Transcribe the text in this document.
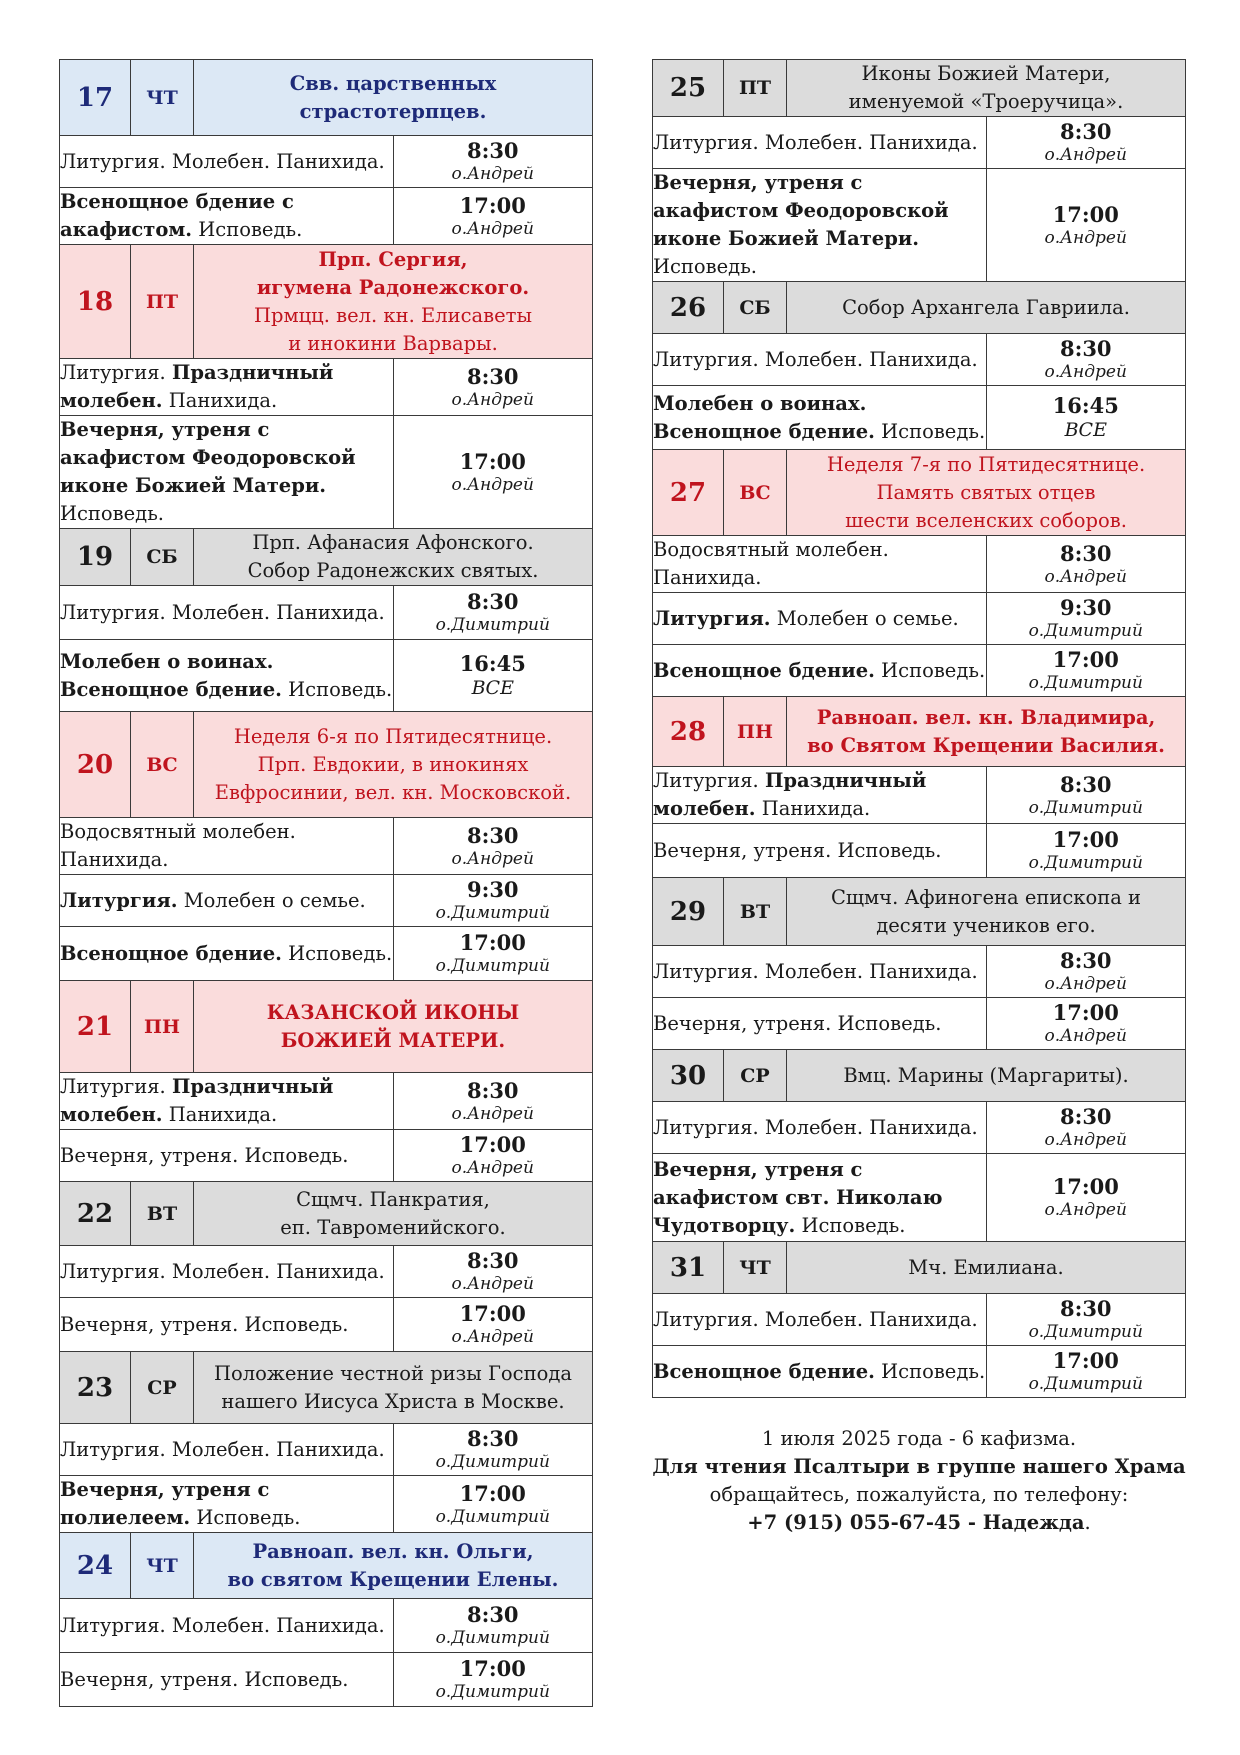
17	ЧТ	Свв. царственных
страстотерпцев.	

Литургия. Молебен. Панихида.			8:30
о.Андрей

Всенощное бдение с акафистом. Исповедь.			17:00
о.Андрей

18	ПТ	Прп. Сергия,
игумена Радонежского.
Прмцц. вел. кн. Елисаветы
и инокини Варвары.	

Литургия. Праздничный молебен. Панихида.			8:30
о.Андрей

Вечерня, утреня с акафистом Феодоровской иконе Божией Матери. Исповедь.			17:00
о.Андрей

19	СБ	Прп. Афанасия Афонского.
Собор Радонежских святых.	

Литургия. Молебен. Панихида.			8:30
о.Димитрий

Молебен о воинах.
Всенощное бдение. Исповедь.			16:45
ВСЕ

20	ВС	Неделя 6-я по Пятидесятнице.
Прп. Евдокии, в инокинях
Евфросинии, вел. кн. Московской.	

Водосвятный молебен. Панихида.			8:30
о.Андрей

Литургия. Молебен о семье.			9:30
о.Димитрий

Всенощное бдение. Исповедь.			17:00
о.Димитрий

21	ПН	КАЗАНСКОЙ ИКОНЫ
БОЖИЕЙ МАТЕРИ.	

Литургия. Праздничный молебен. Панихида.			8:30
о.Андрей

Вечерня, утреня. Исповедь.			17:00
о.Андрей

22	ВТ	Сщмч. Панкратия,
еп. Тавроменийского.	

Литургия. Молебен. Панихида.			8:30
о.Андрей

Вечерня, утреня. Исповедь.			17:00
о.Андрей

23	СР	Положение честной ризы Господа
нашего Иисуса Христа в Москве.	

Литургия. Молебен. Панихида.			8:30
о.Димитрий

Вечерня, утреня с полиелеем. Исповедь.			17:00
о.Димитрий

24	ЧТ	Равноап. вел. кн. Ольги,
во святом Крещении Елены.	

Литургия. Молебен. Панихида.			8:30
о.Димитрий

Вечерня, утреня. Исповедь.			17:00
о.Димитрий
25	ПТ	Иконы Божией Матери,
именуемой «Троеручица».	

Литургия. Молебен. Панихида.			8:30
о.Андрей

Вечерня, утреня с акафистом Феодоровской иконе Божией Матери. Исповедь.			17:00
о.Андрей

26	СБ	Собор Архангела Гавриила.	

Литургия. Молебен. Панихида.			8:30
о.Андрей

Молебен о воинах.
Всенощное бдение. Исповедь.			16:45
ВСЕ

27	ВС	Неделя 7-я по Пятидесятнице.
Память святых отцев
шести вселенских соборов.	

Водосвятный молебен. Панихида.			8:30
о.Андрей

Литургия. Молебен о семье.			9:30
о.Димитрий

Всенощное бдение. Исповедь.			17:00
о.Димитрий

28	ПН	Равноап. вел. кн. Владимира,
во Святом Крещении Василия.	

Литургия. Праздничный молебен. Панихида.			8:30
о.Димитрий

Вечерня, утреня. Исповедь.			17:00
о.Димитрий

29	ВТ	Сщмч. Афиногена епископа и
десяти учеников его.	

Литургия. Молебен. Панихида.			8:30
о.Андрей

Вечерня, утреня. Исповедь.			17:00
о.Андрей

30	СР	Вмц. Марины (Маргариты).	

Литургия. Молебен. Панихида.			8:30
о.Андрей

Вечерня, утреня с акафистом свт. Николаю Чудотворцу. Исповедь.			17:00
о.Андрей

31	ЧТ	Мч. Емилиана.	

Литургия. Молебен. Панихида.			8:30
о.Димитрий

Всенощное бдение. Исповедь.			17:00
о.Димитрий
1 июля 2025 года - 6 кафизма.
Для чтения Псалтыри в группе нашего Храма
обращайтесь, пожалуйста, по телефону:
+7 (915) 055-67-45 - Надежда.
